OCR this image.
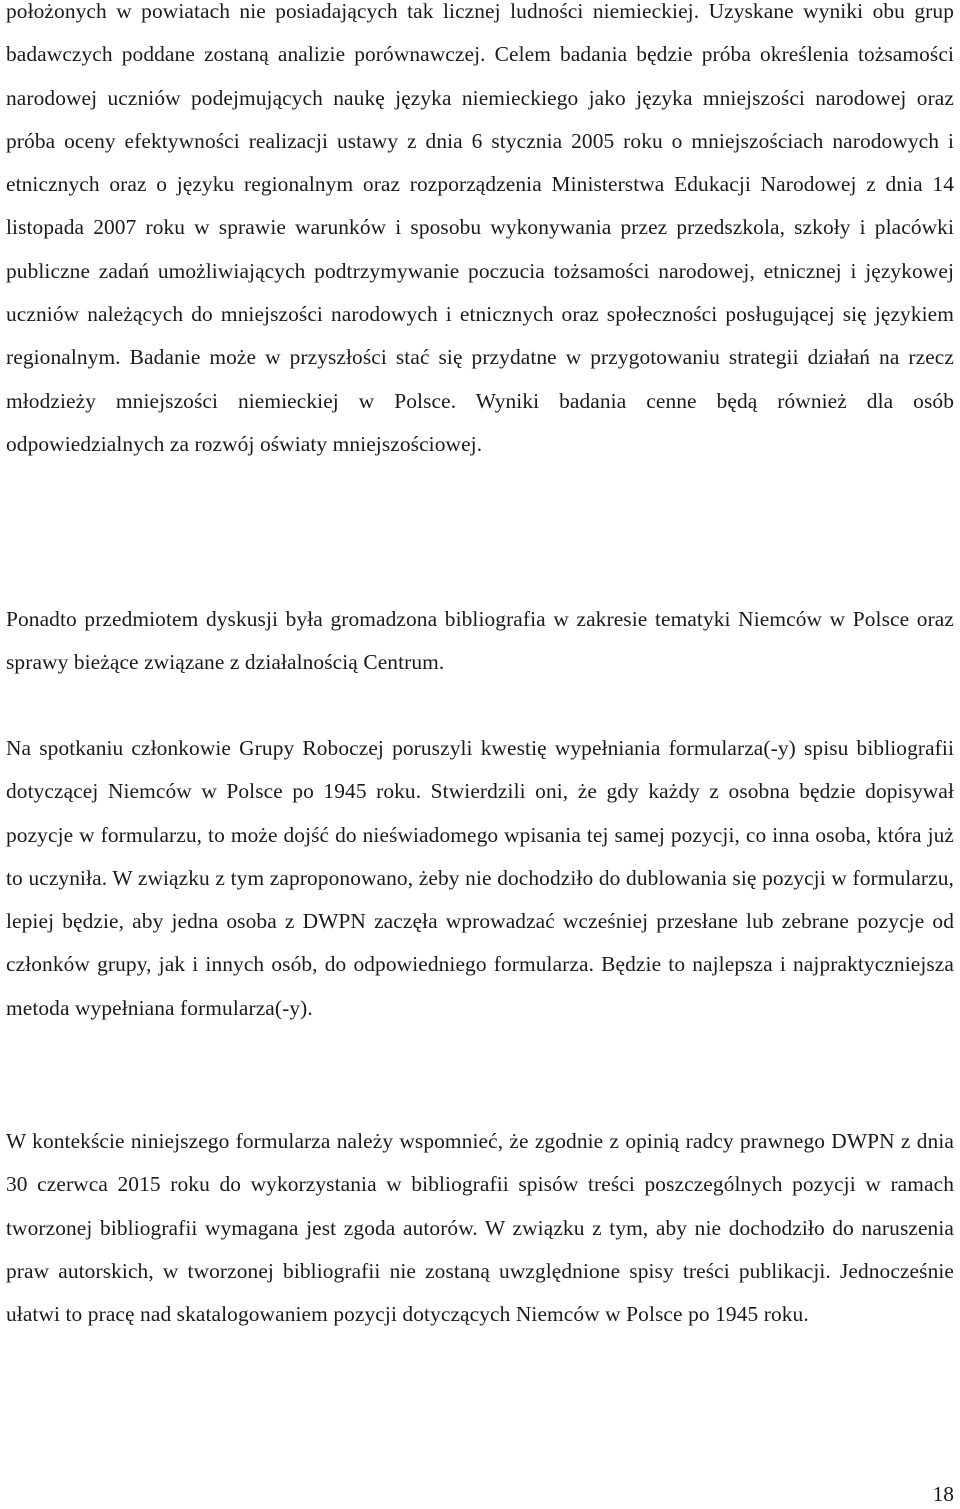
położonych w powiatach nie posiadających tak licznej ludności niemieckiej. Uzyskane wyniki obu grup badawczych poddane zostaną analizie porównawczej. Celem badania będzie próba określenia tożsamości narodowej uczniów podejmujących naukę języka niemieckiego jako języka mniejszości narodowej oraz próba oceny efektywności realizacji ustawy z dnia 6 stycznia 2005 roku o mniejszościach narodowych i etnicznych oraz o języku regionalnym oraz rozporządzenia Ministerstwa Edukacji Narodowej z dnia 14 listopada 2007 roku w sprawie warunków i sposobu wykonywania przez przedszkola, szkoły i placówki publiczne zadań umożliwiających podtrzymywanie poczucia tożsamości narodowej, etnicznej i językowej uczniów należących do mniejszości narodowych i etnicznych oraz społeczności posługującej się językiem regionalnym. Badanie może w przyszłości stać się przydatne w przygotowaniu strategii działań na rzecz młodzieży mniejszości niemieckiej w Polsce. Wyniki badania cenne będą również dla osób odpowiedzialnych za rozwój oświaty mniejszościowej.

Ponadto przedmiotem dyskusji była gromadzona bibliografia w zakresie tematyki Niemców w Polsce oraz sprawy bieżące związane z działalnością Centrum.

Na spotkaniu członkowie Grupy Roboczej poruszyli kwestię wypełniania formularza(-y) spisu bibliografii dotyczącej Niemców w Polsce po 1945 roku. Stwierdzili oni, że gdy każdy z osobna będzie dopisywał pozycje w formularzu, to może dojść do nieświadomego wpisania tej samej pozycji, co inna osoba, która już to uczyniła. W związku z tym zaproponowano, żeby nie dochodziło do dublowania się pozycji w formularzu, lepiej będzie, aby jedna osoba z DWPN zaczęła wprowadzać wcześniej przesłane lub zebrane pozycje od członków grupy, jak i innych osób, do odpowiedniego formularza. Będzie to najlepsza i najpraktyczniejsza metoda wypełniana formularza(-y).

W kontekście niniejszego formularza należy wspomnieć, że zgodnie z opinią radcy prawnego DWPN z dnia 30 czerwca 2015 roku do wykorzystania w bibliografii spisów treści poszczególnych pozycji w ramach tworzonej bibliografii wymagana jest zgoda autorów. W związku z tym, aby nie dochodziło do naruszenia praw autorskich, w tworzonej bibliografii nie zostaną uwzględnione spisy treści publikacji. Jednocześnie ułatwi to pracę nad skatalogowaniem pozycji dotyczących Niemców w Polsce po 1945 roku.

18
